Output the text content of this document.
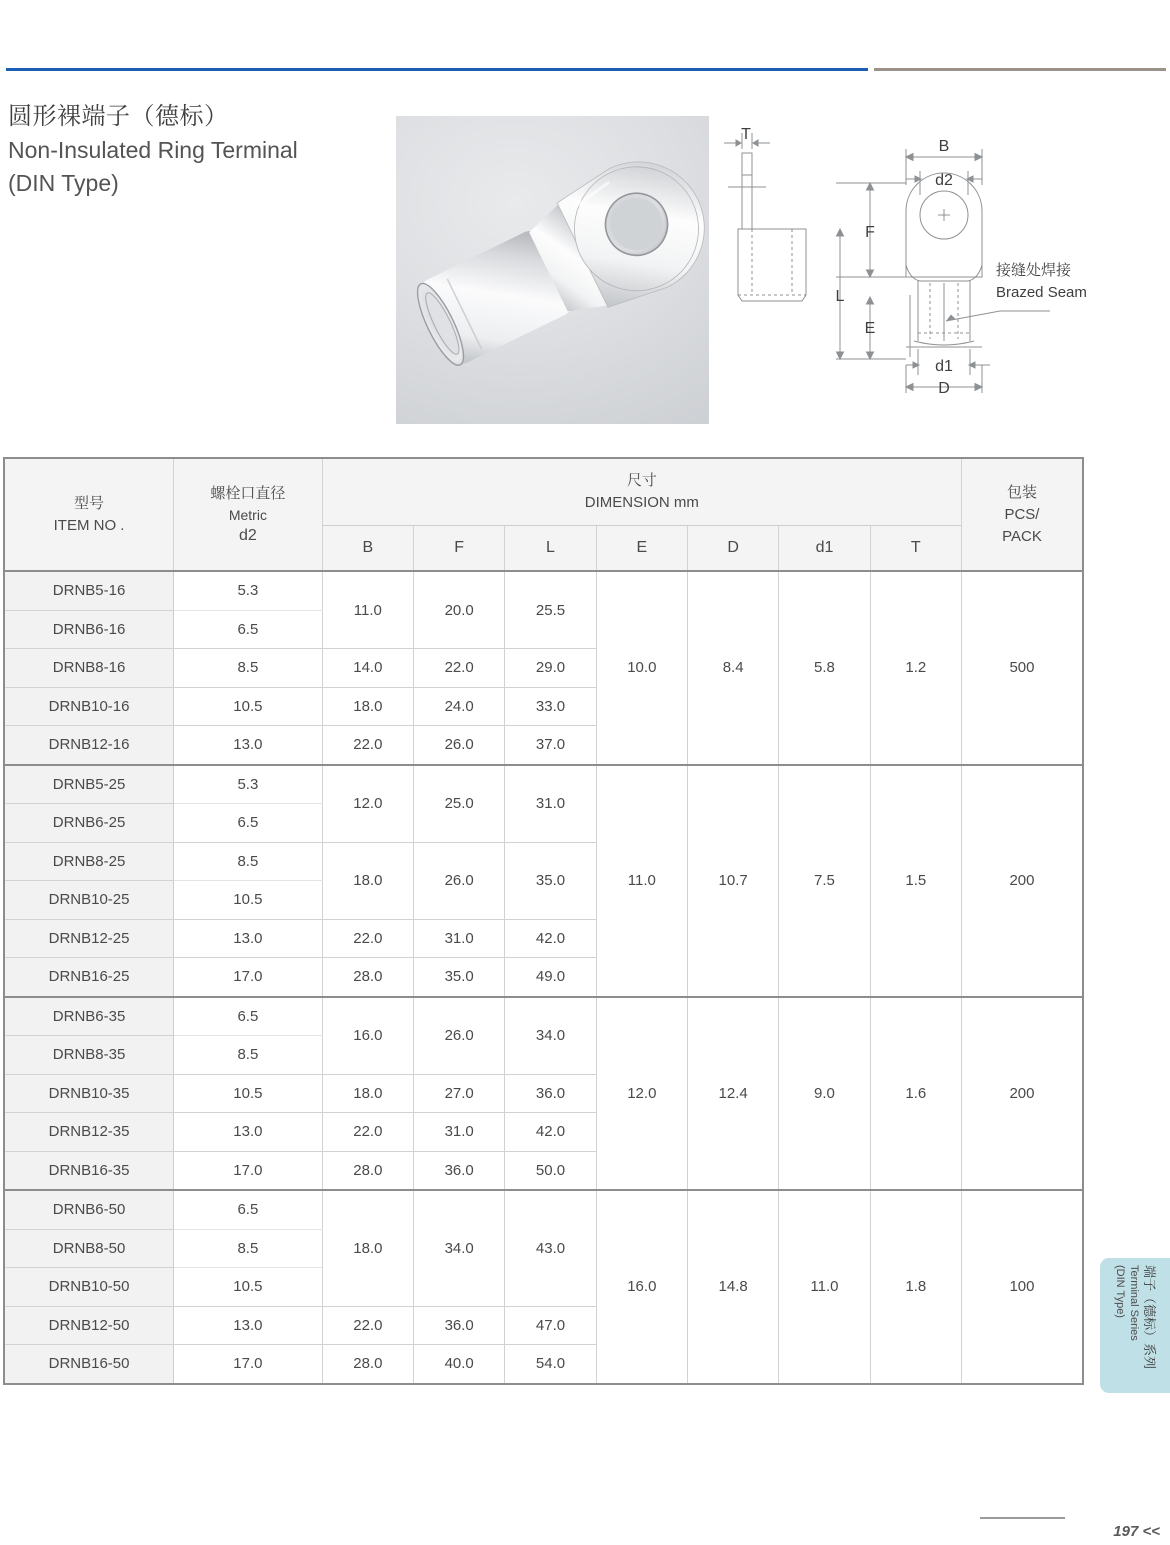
圆形裸端子（德标）
Non-Insulated Ring Terminal
(DIN Type)
T
B
d2
F
L
E
d1
D
接缝处焊接
Brazed Seam
型号
ITEM NO .

螺栓口直径
Metric
d2

尺寸
DIMENSION mm

包装
PCS/
PACK

		B	F	L	E	D	d1	T	
DRNB5-16	5.3	11.0	20.0	25.5	10.0	8.4	5.8	1.2	500
DRNB6-16	6.5								
DRNB8-16	8.5	14.0	22.0	29.0					
DRNB10-16	10.5	18.0	24.0	33.0					
DRNB12-16	13.0	22.0	26.0	37.0					
DRNB5-25	5.3	12.0	25.0	31.0	11.0	10.7	7.5	1.5	200
DRNB6-25	6.5								
DRNB8-25	8.5	18.0	26.0	35.0					
DRNB10-25	10.5								
DRNB12-25	13.0	22.0	31.0	42.0					
DRNB16-25	17.0	28.0	35.0	49.0					
DRNB6-35	6.5	16.0	26.0	34.0	12.0	12.4	9.0	1.6	200
DRNB8-35	8.5								
DRNB10-35	10.5	18.0	27.0	36.0					
DRNB12-35	13.0	22.0	31.0	42.0					
DRNB16-35	17.0	28.0	36.0	50.0					
DRNB6-50	6.5	18.0	34.0	43.0	16.0	14.8	11.0	1.8	100
DRNB8-50	8.5								
DRNB10-50	10.5								
DRNB12-50	13.0	22.0	36.0	47.0					
DRNB16-50	17.0	28.0	40.0	54.0						端子（德标）系列
Terminal Series
(DIN Type)
197 <<
